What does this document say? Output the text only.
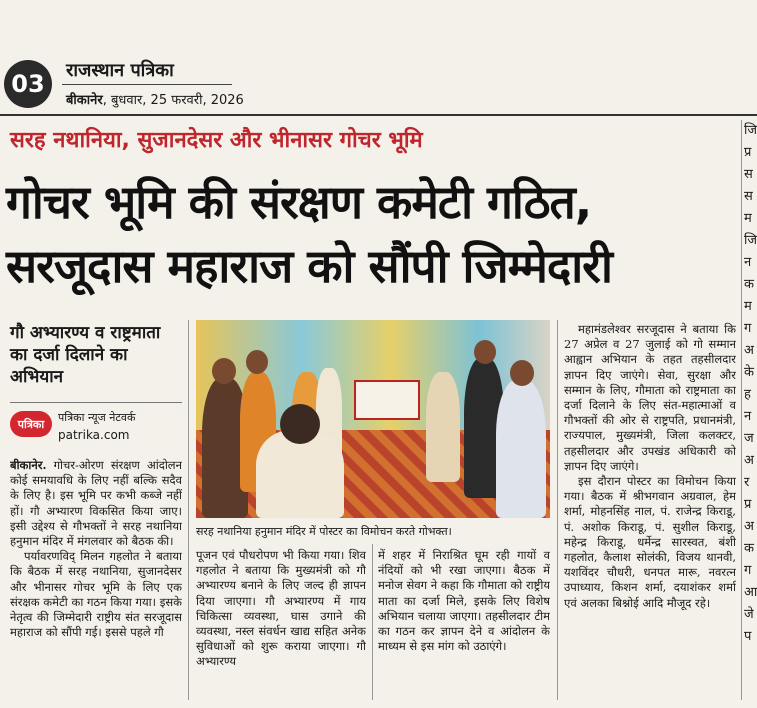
03	राजस्थान पत्रिका
बीकानेर, बुधवार, 25 फरवरी, 2026
सरह नथानिया, सुजानदेसर और भीनासर गोचर भूमि
गोचर भूमि की संरक्षण कमेटी गठित,
सरजूदास महाराज को सौंपी जिम्मेदारी
गौ अभ्यारण्य व राष्ट्रमाता का दर्जा दिलाने का अभियान
पत्रिका	पत्रिका न्यूज नेटवर्क
patrika.com

बीकानेर. गोचर-ओरण संरक्षण आंदोलन कोई समयावधि के लिए नहीं बल्कि सदैव के लिए है। इस भूमि पर कभी कब्जे नहीं हों। गौ अभ्यारण विकसित किया जाए। इसी उद्देश्य से गौभक्तों ने सरह नथानिया हनुमान मंदिर में मंगलवार को बैठक की।

पर्यावरणविद् मिलन गहलोत ने बताया कि बैठक में सरह नथानिया, सुजानदेसर और भीनासर गोचर भूमि के लिए एक संरक्षक कमेटी का गठन किया गया। इसके नेतृत्व की जिम्मेदारी राष्ट्रीय संत सरजूदास महाराज को सौंपी गई। इससे पहले गौ

सरह नथानिया हनुमान मंदिर में पोस्टर का विमोचन करते गोभक्त।

पूजन एवं पौधरोपण भी किया गया। शिव गहलोत ने बताया कि मुख्यमंत्री को गौ अभ्यारण्य बनाने के लिए जल्द ही ज्ञापन दिया जाएगा। गौ अभ्यारण्य में गाय चिकित्सा व्यवस्था, घास उगाने की व्यवस्था, नस्ल संवर्धन खाद्य सहित अनेक सुविधाओं को शुरू कराया जाएगा। गौ अभ्यारण्य

में शहर में निराश्रित घूम रही गायों व नंदियों को भी रखा जाएगा। बैठक में मनोज सेवग ने कहा कि गौमाता को राष्ट्रीय माता का दर्जा मिले, इसके लिए विशेष अभियान चलाया जाएगा। तहसीलदार टीम का गठन कर ज्ञापन देने व आंदोलन के माध्यम से इस मांग को उठाएंगे।

महामंडलेश्वर सरजूदास ने बताया कि 27 अप्रेल व 27 जुलाई को गो सम्मान आह्वान अभियान के तहत तहसीलदार ज्ञापन दिए जाएंगे। सेवा, सुरक्षा और सम्मान के लिए, गौमाता को राष्ट्रमाता का दर्जा दिलाने के लिए संत-महात्माओं व गौभक्तों की ओर से राष्ट्रपति, प्रधानमंत्री, राज्यपाल, मुख्यमंत्री, जिला कलक्टर, तहसीलदार और उपखंड अधिकारी को ज्ञापन दिए जाएंगे।

इस दौरान पोस्टर का विमोचन किया गया। बैठक में श्रीभगवान अग्रवाल, हेम शर्मा, मोहनसिंह नाल, पं. राजेन्द्र किराडू, पं. अशोक किराडू, पं. सुशील किराडू, महेन्द्र किराडू, धर्मेन्द्र सारस्वत, बंशी गहलोत, कैलाश सोलंकी, विजय थानवी, यशविंदर चौधरी, धनपत मारू, नवरत्न उपाध्याय, किशन शर्मा, दयाशंकर शर्मा एवं अलका बिश्नोई आदि मौजूद रहे।

जि प्र स स म जि न क म ग अ के ह न ज अ र प्र अ क ग आ जे प
